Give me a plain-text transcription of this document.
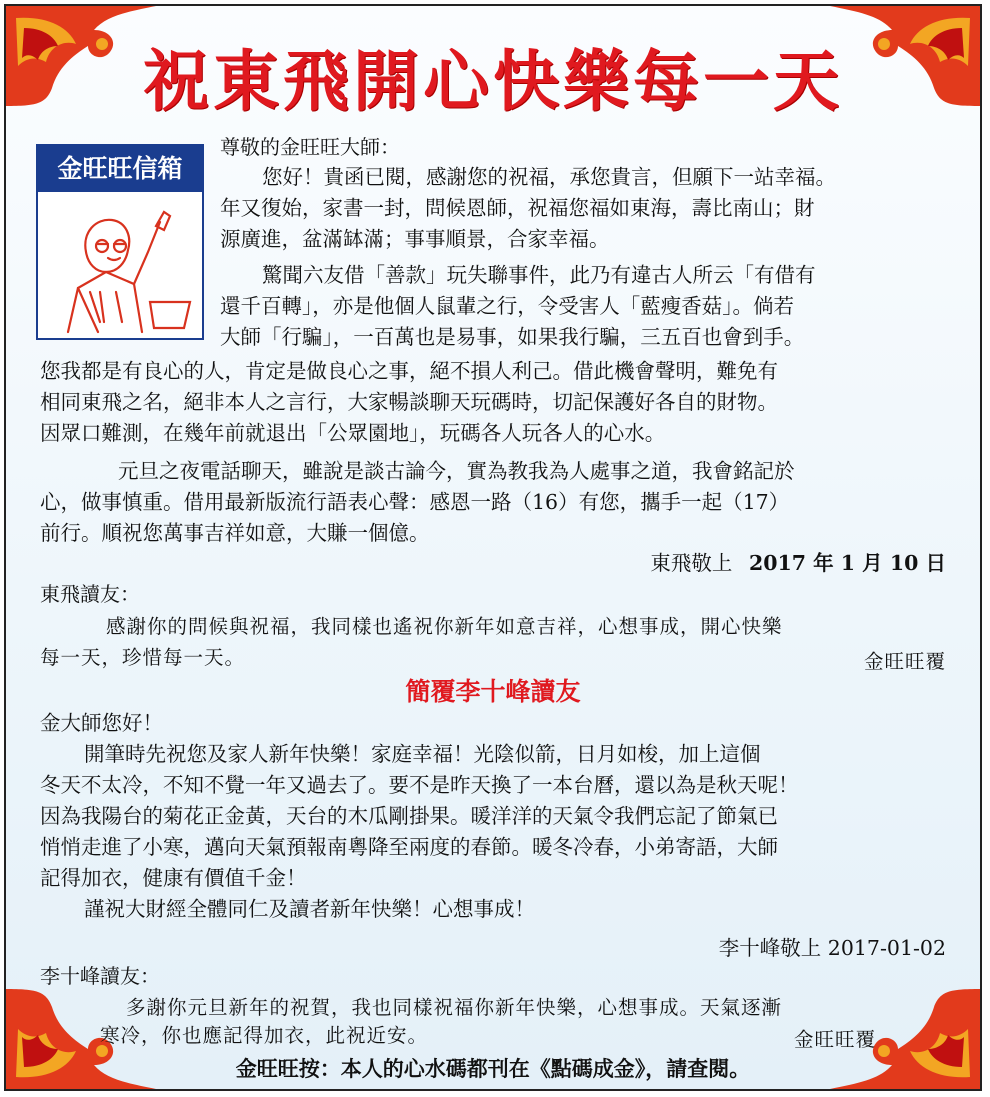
祝東飛開心快樂每一天
金旺旺信箱
尊敬的金旺旺大師：
您好！貴函已閱，感謝您的祝福，承您貴言，但願下一站幸福。
年又復始，家書一封，問候恩師，祝福您福如東海，壽比南山；財
源廣進，盆滿缽滿；事事順景，合家幸福。
驚聞六友借「善款」玩失聯事件，此乃有違古人所云「有借有
還千百轉」，亦是他個人鼠輩之行，令受害人「藍瘦香菇」。倘若
大師「行騙」，一百萬也是易事，如果我行騙，三五百也會到手。
您我都是有良心的人，肯定是做良心之事，絕不損人利己。借此機會聲明，難免有
相同東飛之名，絕非本人之言行，大家暢談聊天玩碼時，切記保護好各自的財物。
因眾口難測，在幾年前就退出「公眾園地」，玩碼各人玩各人的心水。
元旦之夜電話聊天，雖說是談古論今，實為教我為人處事之道，我會銘記於
心，做事慎重。借用最新版流行語表心聲：感恩一路（16）有您，攜手一起（17）
前行。順祝您萬事吉祥如意，大賺一個億。
東飛敬上 2017 年 1 月 10 日
東飛讀友：
感謝你的問候與祝福，我同樣也遙祝你新年如意吉祥，心想事成，開心快樂
每一天，珍惜每一天。	金旺旺覆
簡覆李十峰讀友
金大師您好！
開筆時先祝您及家人新年快樂！家庭幸福！光陰似箭，日月如梭，加上這個
冬天不太冷，不知不覺一年又過去了。要不是昨天換了一本台曆，還以為是秋天呢！
因為我陽台的菊花正金黃，天台的木瓜剛掛果。暖洋洋的天氣令我們忘記了節氣已
悄悄走進了小寒，邁向天氣預報南粵降至兩度的春節。暖冬冷春，小弟寄語，大師
記得加衣，健康有價值千金！
謹祝大財經全體同仁及讀者新年快樂！心想事成！
李十峰敬上 2017-01-02
李十峰讀友：
多謝你元旦新年的祝賀，我也同樣祝福你新年快樂，心想事成。天氣逐漸
寒冷，你也應記得加衣，此祝近安。	金旺旺覆
金旺旺按：本人的心水碼都刊在《點碼成金》，請查閱。
